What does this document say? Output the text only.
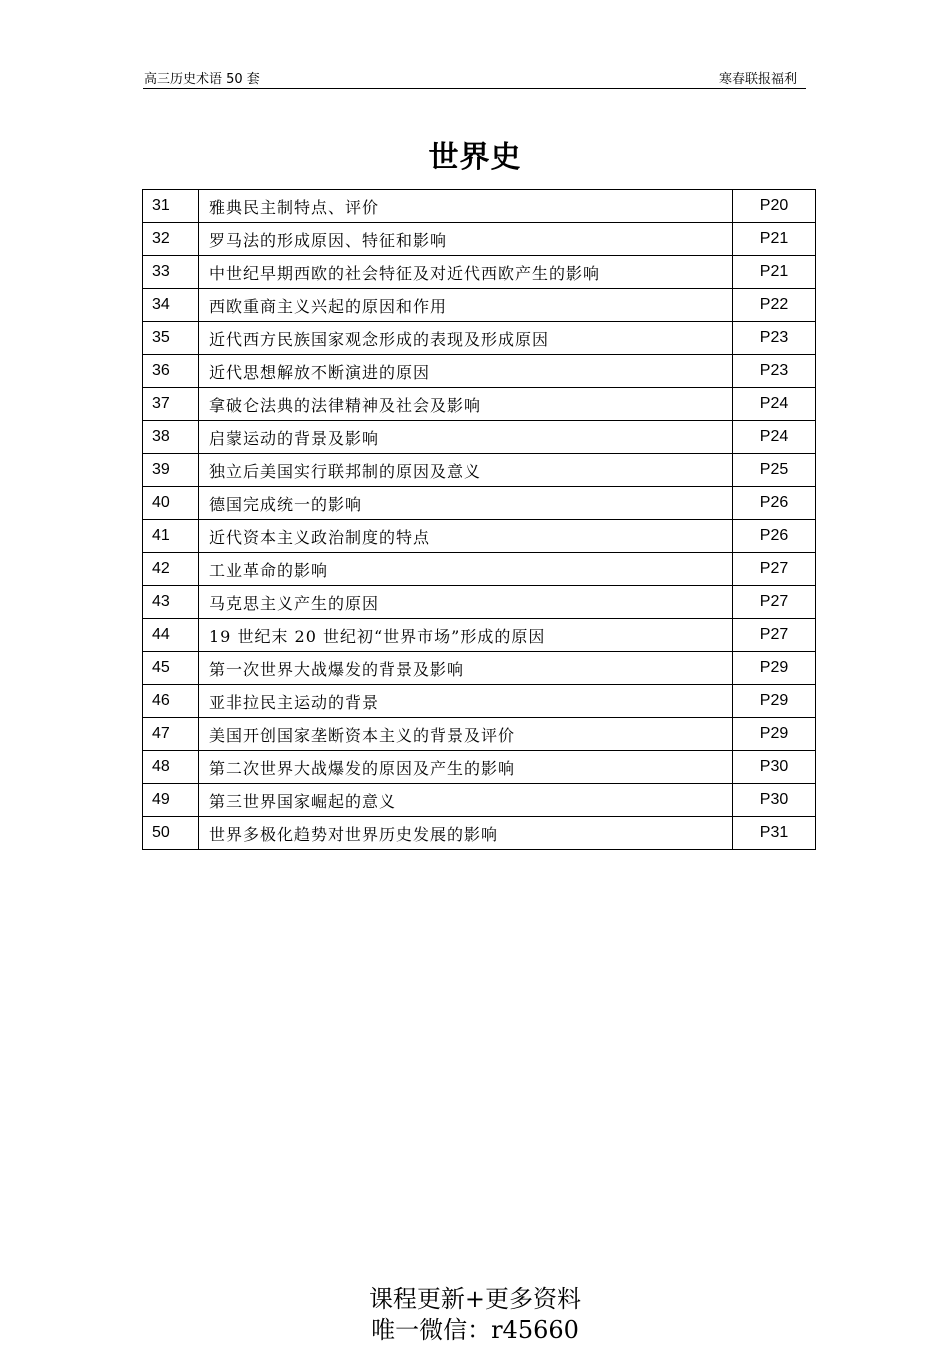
高三历史术语 50 套	寒春联报福利
世界史
31	雅典民主制特点、评价	P20
32	罗马法的形成原因、特征和影响	P21
33	中世纪早期西欧的社会特征及对近代西欧产生的影响	P21
34	西欧重商主义兴起的原因和作用	P22
35	近代西方民族国家观念形成的表现及形成原因	P23
36	近代思想解放不断演进的原因	P23
37	拿破仑法典的法律精神及社会及影响	P24
38	启蒙运动的背景及影响	P24
39	独立后美国实行联邦制的原因及意义	P25
40	德国完成统一的影响	P26
41	近代资本主义政治制度的特点	P26
42	工业革命的影响	P27
43	马克思主义产生的原因	P27
44	19 世纪末 20 世纪初“世界市场”形成的原因	P27
45	第一次世界大战爆发的背景及影响	P29
46	亚非拉民主运动的背景	P29
47	美国开创国家垄断资本主义的背景及评价	P29
48	第二次世界大战爆发的原因及产生的影响	P30
49	第三世界国家崛起的意义	P30
50	世界多极化趋势对世界历史发展的影响	P31
课程更新+更多资料
唯一微信：r45660
